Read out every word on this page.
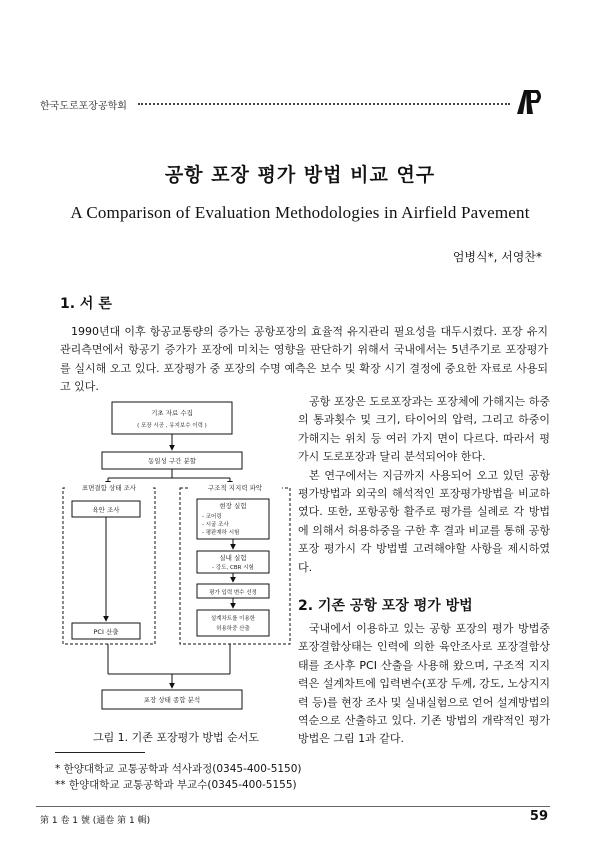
한국도로포장공학회
공항 포장 평가 방법 비교 연구
A Comparison of Evaluation Methodologies in Airfield Pavement
엄병식*, 서영찬*
1. 서 론
1990년대 이후 항공교통량의 증가는 공항포장의 효율적 유지관리 필요성을 대두시켰다. 포장 유지관리측면에서 항공기 증가가 포장에 미치는 영향을 판단하기 위해서 국내에서는 5년주기로 포장평가를 실시해 오고 있다. 포장평가 중 포장의 수명 예측은 보수 및 확장 시기 결정에 중요한 자료로 사용되고 있다.
공항 포장은 도로포장과는 포장체에 가해지는 하중의 통과횟수 및 크기, 타이어의 압력, 그리고 하중이 가해지는 위치 등 여러 가지 면이 다르다. 따라서 평가시 도로포장과 달리 분석되어야 한다.
본 연구에서는 지금까지 사용되어 오고 있던 공항평가방법과 외국의 해석적인 포장평가방법을 비교하였다. 또한, 포항공항 활주로 평가를 실례로 각 방법에 의해서 허용하중을 구한 후 결과 비교를 통해 공항포장 평가시 각 방법별 고려해야할 사항을 제시하였다.
2. 기존 공항 포장 평가 방법
국내에서 이용하고 있는 공항 포장의 평가 방법중 포장결함상태는 인력에 의한 육안조사로 포장결함상태를 조사후 PCI 산출을 사용해 왔으며, 구조적 지지력은 설계차트에 입력변수(포장 두께, 강도, 노상지지력 등)를 현장 조사 및 실내실험으로 얻어 설계방법의 역순으로 산출하고 있다. 기존 방법의 개략적인 평가 방법은 그림 1과 같다.
기초 자료 수집
( 포장 시공 , 유지보수 이력 )
동일성 구간 분할
표면결함 상태 조사	구조적 지지력 파악
육안 조사
PCI 산출
현장 실험
- 코어링
- 시굴 조사
- 평판재하 시험
실내 실험
- 강도, CBR 시험
평가 입력 변수 선정
설계차트를 이용한
허용하중 산출
포장 상태 종합 분석
그림 1. 기존 포장평가 방법 순서도
* 한양대학교 교통공학과 석사과정(0345-400-5150)
** 한양대학교 교통공학과 부교수(0345-400-5155)
第 1 卷 1 號 (通卷 第 1 輯)	59
